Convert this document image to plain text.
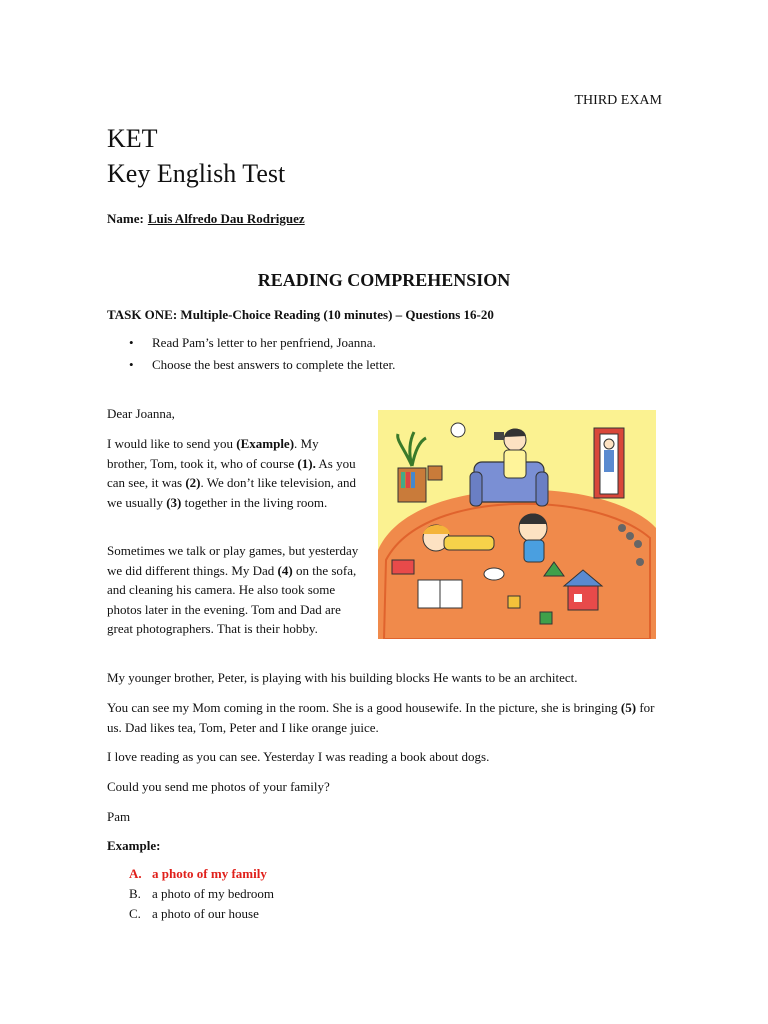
THIRD EXAM

KET
Key English Test

Name: Luis Alfredo Dau Rodriguez

READING COMPREHENSION

TASK ONE: Multiple-Choice Reading (10 minutes) – Questions 16-20

• Read Pam’s letter to her penfriend, Joanna.
• Choose the best answers to complete the letter.

Dear Joanna,

I would like to send you (Example). My brother, Tom, took it, who of course (1). As you can see, it was (2). We don’t like television, and we usually (3) together in the living room.

Sometimes we talk or play games, but yesterday we did different things. My Dad (4) on the sofa, and cleaning his camera. He also took some photos later in the evening. Tom and Dad are great photographers. That is their hobby.

My younger brother, Peter, is playing with his building blocks He wants to be an architect.

You can see my Mom coming in the room. She is a good housewife. In the picture, she is bringing (5) for us. Dad likes tea, Tom, Peter and I like orange juice.

I love reading as you can see. Yesterday I was reading a book about dogs.

Could you send me photos of your family?

Pam

Example:

A. a photo of my family
B. a photo of my bedroom
C. a photo of our house
